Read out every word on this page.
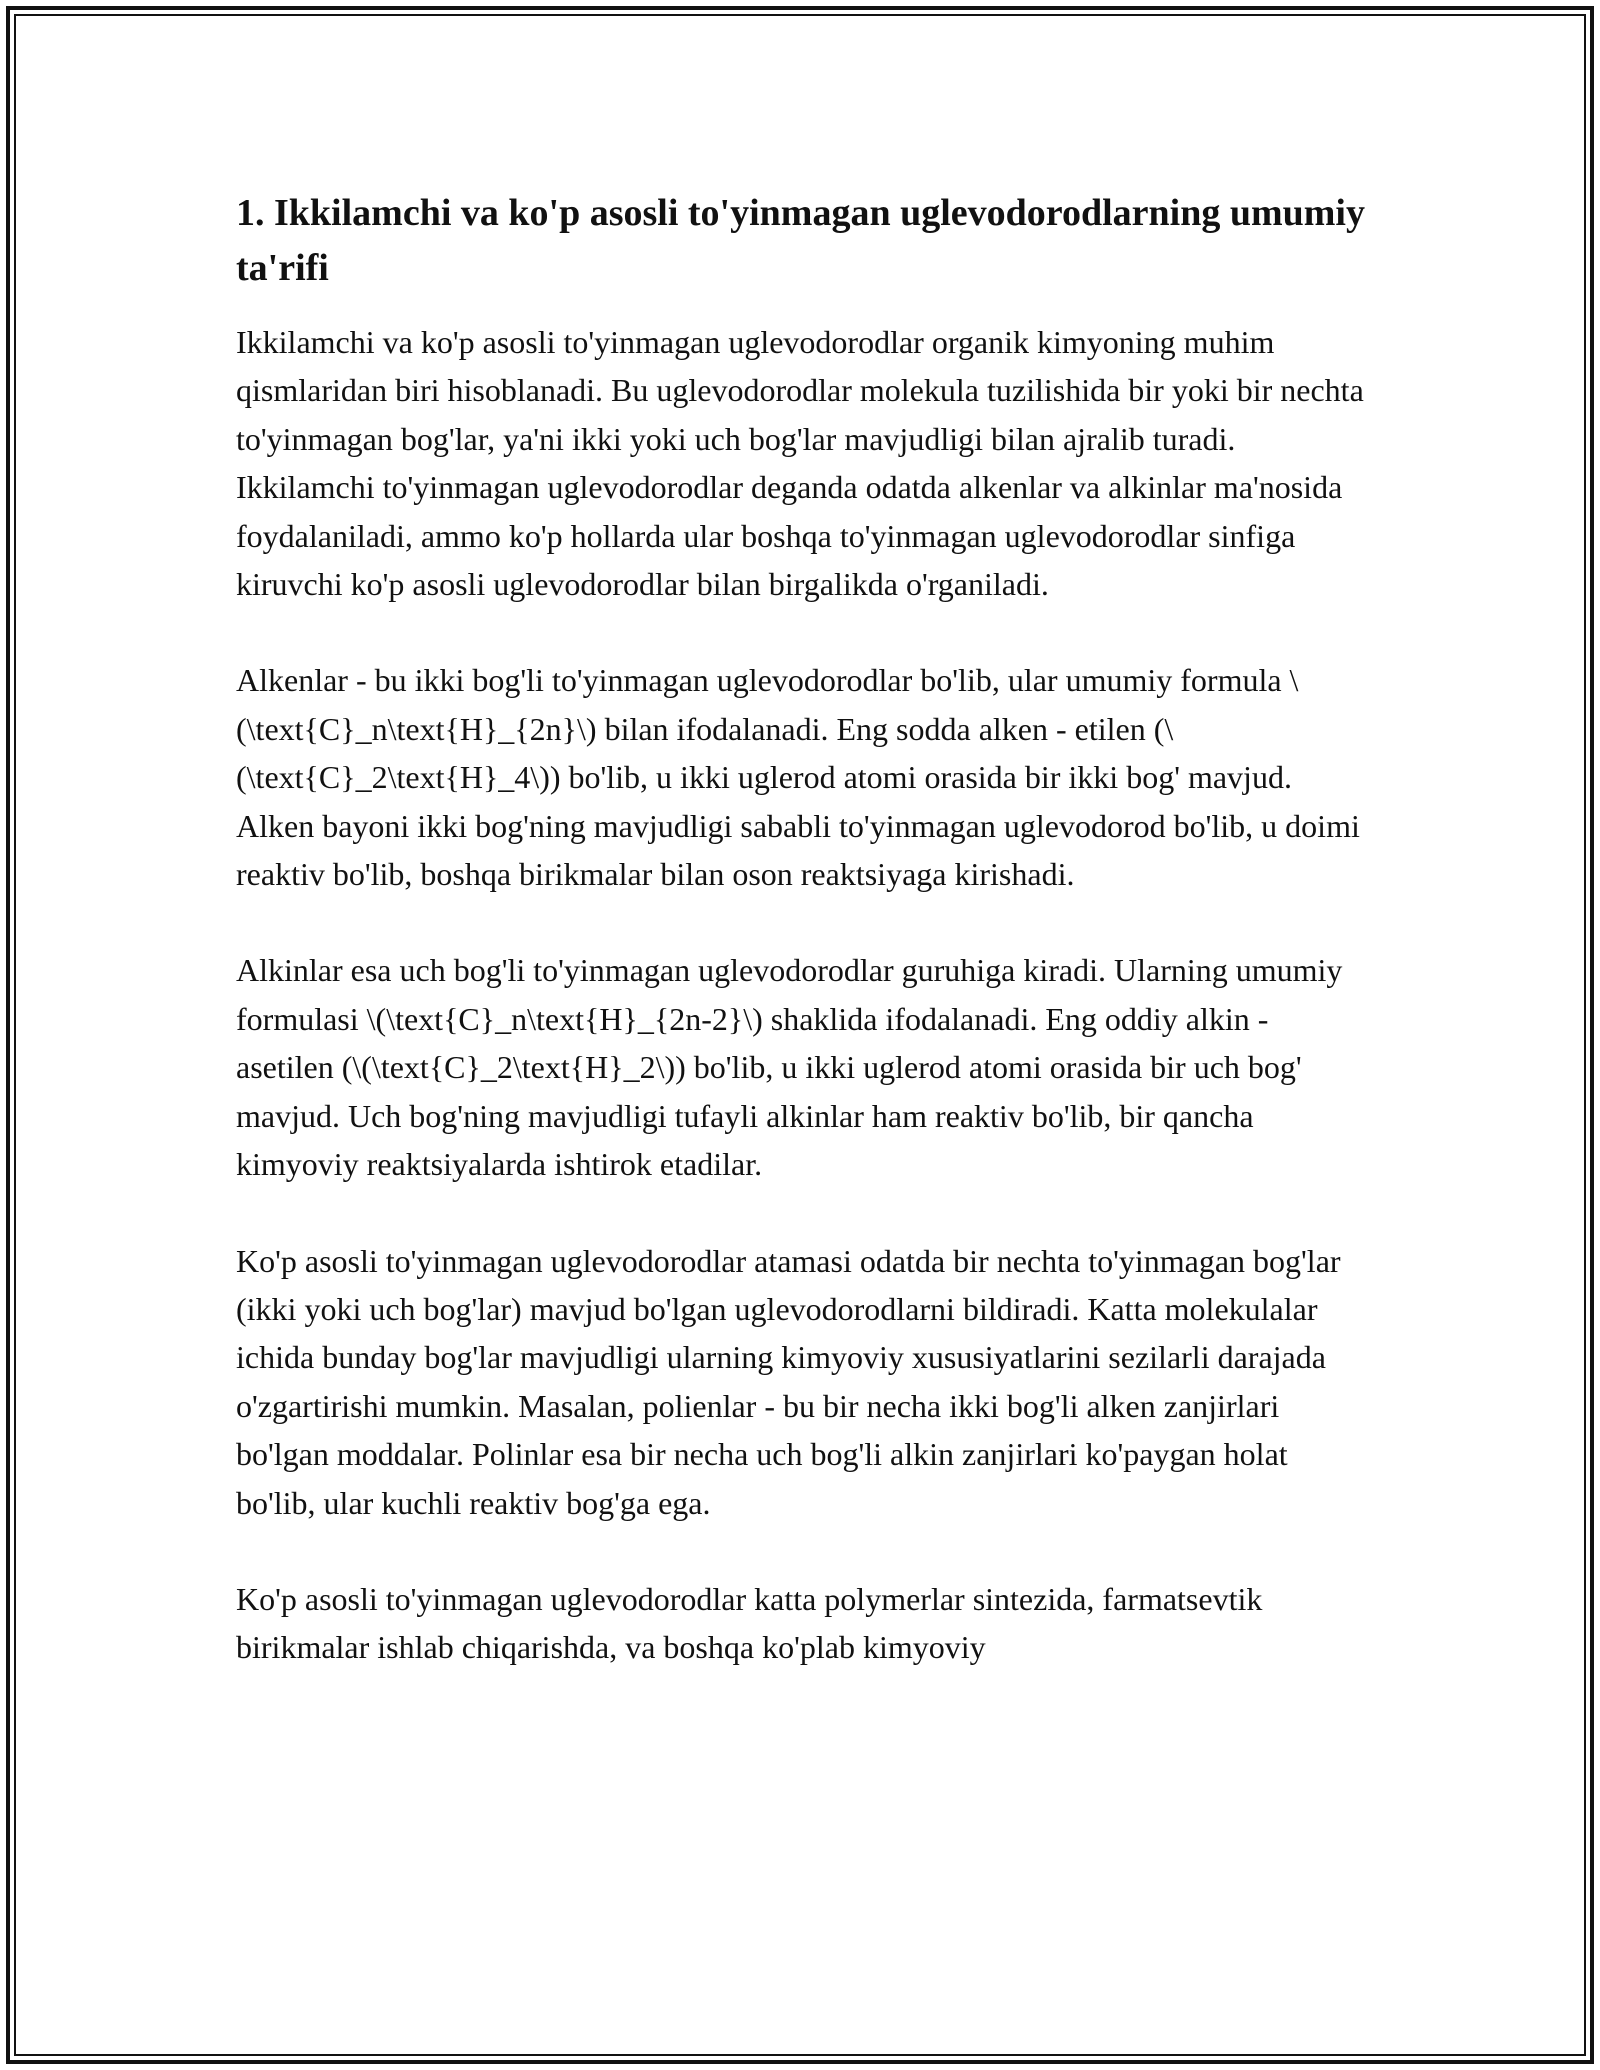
1. Ikkilamchi va ko'p asosli to'yinmagan uglevodorodlarning umumiy ta'rifi

Ikkilamchi va ko'p asosli to'yinmagan uglevodorodlar organik kimyoning muhim qismlaridan biri hisoblanadi. Bu uglevodorodlar molekula tuzilishida bir yoki bir nechta to'yinmagan bog'lar, ya'ni ikki yoki uch bog'lar mavjudligi bilan ajralib turadi. Ikkilamchi to'yinmagan uglevodorodlar deganda odatda alkenlar va alkinlar ma'nosida foydalaniladi, ammo ko'p hollarda ular boshqa to'yinmagan uglevodorodlar sinfiga kiruvchi ko'p asosli uglevodorodlar bilan birgalikda o'rganiladi.

Alkenlar - bu ikki bog'li to'yinmagan uglevodorodlar bo'lib, ular umumiy formula \(\text{C}_n\text{H}_{2n}\) bilan ifodalanadi. Eng sodda alken - etilen (\(\text{C}_2\text{H}_4\)) bo'lib, u ikki uglerod atomi orasida bir ikki bog' mavjud. Alken bayoni ikki bog'ning mavjudligi sababli to'yinmagan uglevodorod bo'lib, u doimi reaktiv bo'lib, boshqa birikmalar bilan oson reaktsiyaga kirishadi.

Alkinlar esa uch bog'li to'yinmagan uglevodorodlar guruhiga kiradi. Ularning umumiy formulasi \(\text{C}_n\text{H}_{2n-2}\) shaklida ifodalanadi. Eng oddiy alkin - asetilen (\(\text{C}_2\text{H}_2\)) bo'lib, u ikki uglerod atomi orasida bir uch bog' mavjud. Uch bog'ning mavjudligi tufayli alkinlar ham reaktiv bo'lib, bir qancha kimyoviy reaktsiyalarda ishtirok etadilar.

Ko'p asosli to'yinmagan uglevodorodlar atamasi odatda bir nechta to'yinmagan bog'lar (ikki yoki uch bog'lar) mavjud bo'lgan uglevodorodlarni bildiradi. Katta molekulalar ichida bunday bog'lar mavjudligi ularning kimyoviy xususiyatlarini sezilarli darajada o'zgartirishi mumkin. Masalan, polienlar - bu bir necha ikki bog'li alken zanjirlari bo'lgan moddalar. Polinlar esa bir necha uch bog'li alkin zanjirlari ko'paygan holat bo'lib, ular kuchli reaktiv bog'ga ega.

Ko'p asosli to'yinmagan uglevodorodlar katta polymerlar sintezida, farmatsevtik birikmalar ishlab chiqarishda, va boshqa ko'plab kimyoviy
